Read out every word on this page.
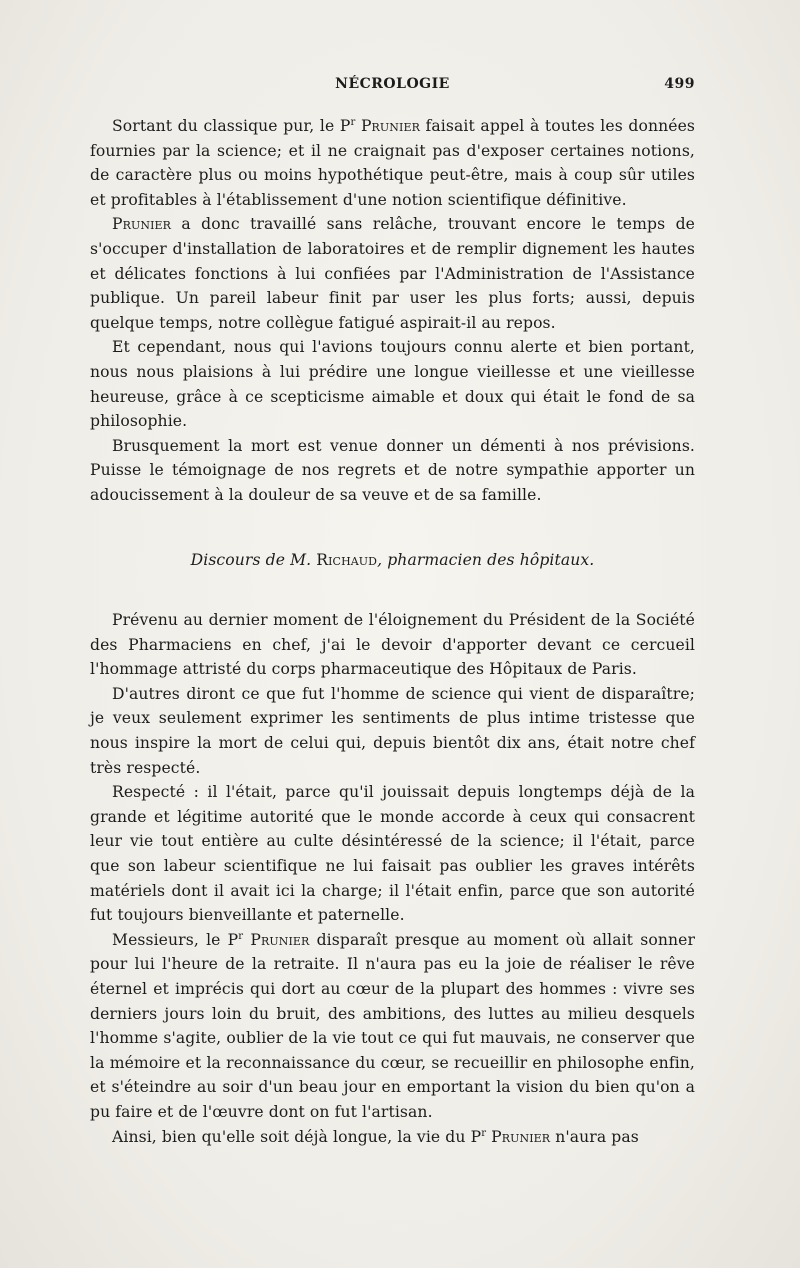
NÉCROLOGIE	499

Sortant du classique pur, le $P^r$ Prunier faisait appel à toutes les données fournies par la science; et il ne craignait pas d'exposer certaines notions, de caractère plus ou moins hypothétique peut-être, mais à coup sûr utiles et profitables à l'établissement d'une notion scientifique définitive.

Prunier a donc travaillé sans relâche, trouvant encore le temps de s'occuper d'installation de laboratoires et de remplir dignement les hautes et délicates fonctions à lui confiées par l'Administration de l'Assistance publique. Un pareil labeur finit par user les plus forts; aussi, depuis quelque temps, notre collègue fatigué aspirait-il au repos.

Et cependant, nous qui l'avions toujours connu alerte et bien portant, nous nous plaisions à lui prédire une longue vieillesse et une vieillesse heureuse, grâce à ce scepticisme aimable et doux qui était le fond de sa philosophie.

Brusquement la mort est venue donner un démenti à nos prévisions. Puisse le témoignage de nos regrets et de notre sympathie apporter un adoucissement à la douleur de sa veuve et de sa famille.

Discours de M. Richaud, pharmacien des hôpitaux.

Prévenu au dernier moment de l'éloignement du Président de la Société des Pharmaciens en chef, j'ai le devoir d'apporter devant ce cercueil l'hommage attristé du corps pharmaceutique des Hôpitaux de Paris.

D'autres diront ce que fut l'homme de science qui vient de disparaître; je veux seulement exprimer les sentiments de plus intime tristesse que nous inspire la mort de celui qui, depuis bientôt dix ans, était notre chef très respecté.

Respecté : il l'était, parce qu'il jouissait depuis longtemps déjà de la grande et légitime autorité que le monde accorde à ceux qui consacrent leur vie tout entière au culte désintéressé de la science; il l'était, parce que son labeur scientifique ne lui faisait pas oublier les graves intérêts matériels dont il avait ici la charge; il l'était enfin, parce que son autorité fut toujours bienveillante et paternelle.

Messieurs, le $P^r$ Prunier disparaît presque au moment où allait sonner pour lui l'heure de la retraite. Il n'aura pas eu la joie de réaliser le rêve éternel et imprécis qui dort au cœur de la plupart des hommes : vivre ses derniers jours loin du bruit, des ambitions, des luttes au milieu desquels l'homme s'agite, oublier de la vie tout ce qui fut mauvais, ne conserver que la mémoire et la reconnaissance du cœur, se recueillir en philosophe enfin, et s'éteindre au soir d'un beau jour en emportant la vision du bien qu'on a pu faire et de l'œuvre dont on fut l'artisan.

Ainsi, bien qu'elle soit déjà longue, la vie du $P^r$ Prunier n'aura pas
